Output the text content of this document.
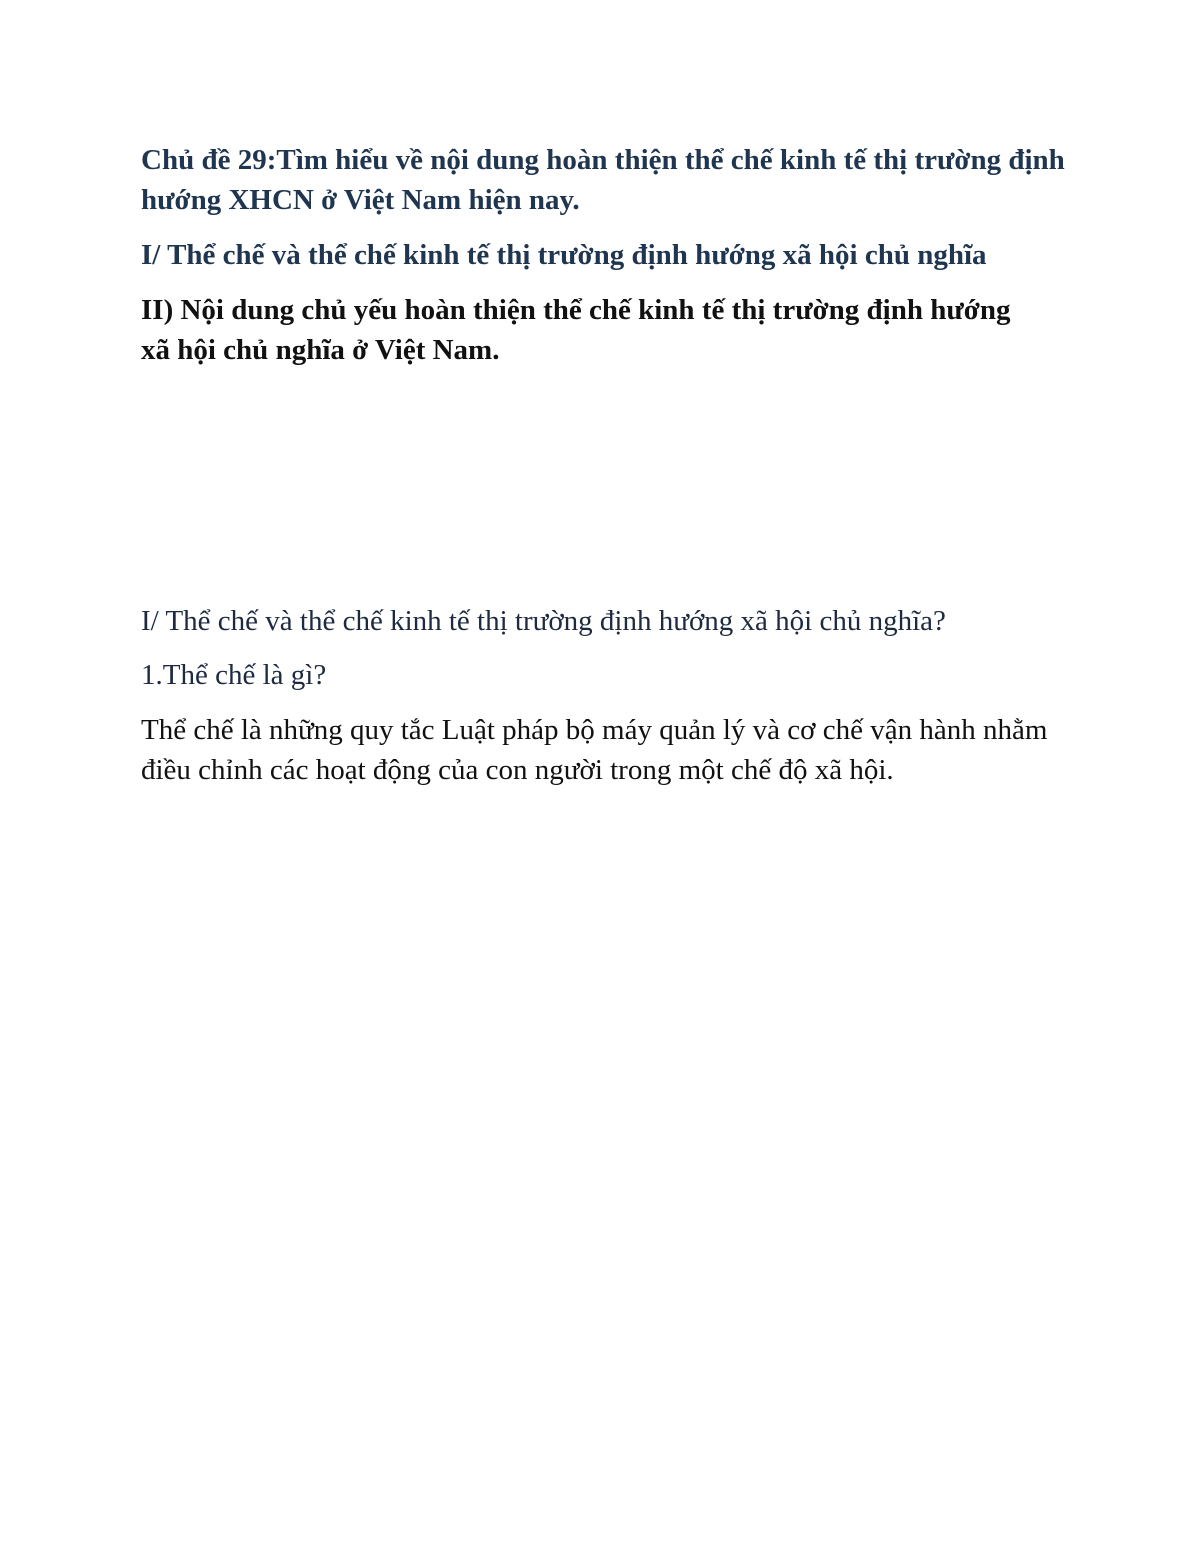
Chủ đề 29:Tìm hiểu về nội dung hoàn thiện thể chế kinh tế thị trường định hướng XHCN ở Việt Nam hiện nay.

I/ Thể chế và thể chế kinh tế thị trường định hướng xã hội chủ nghĩa

II) Nội dung chủ yếu hoàn thiện thể chế kinh tế thị trường định hướng xã hội chủ nghĩa ở Việt Nam.

I/ Thể chế và thể chế kinh tế thị trường định hướng xã hội chủ nghĩa?

1.Thể chế là gì?

Thể chế là những quy tắc Luật pháp bộ máy quản lý và cơ chế vận hành nhằm điều chỉnh các hoạt động của con người trong một chế độ xã hội.
